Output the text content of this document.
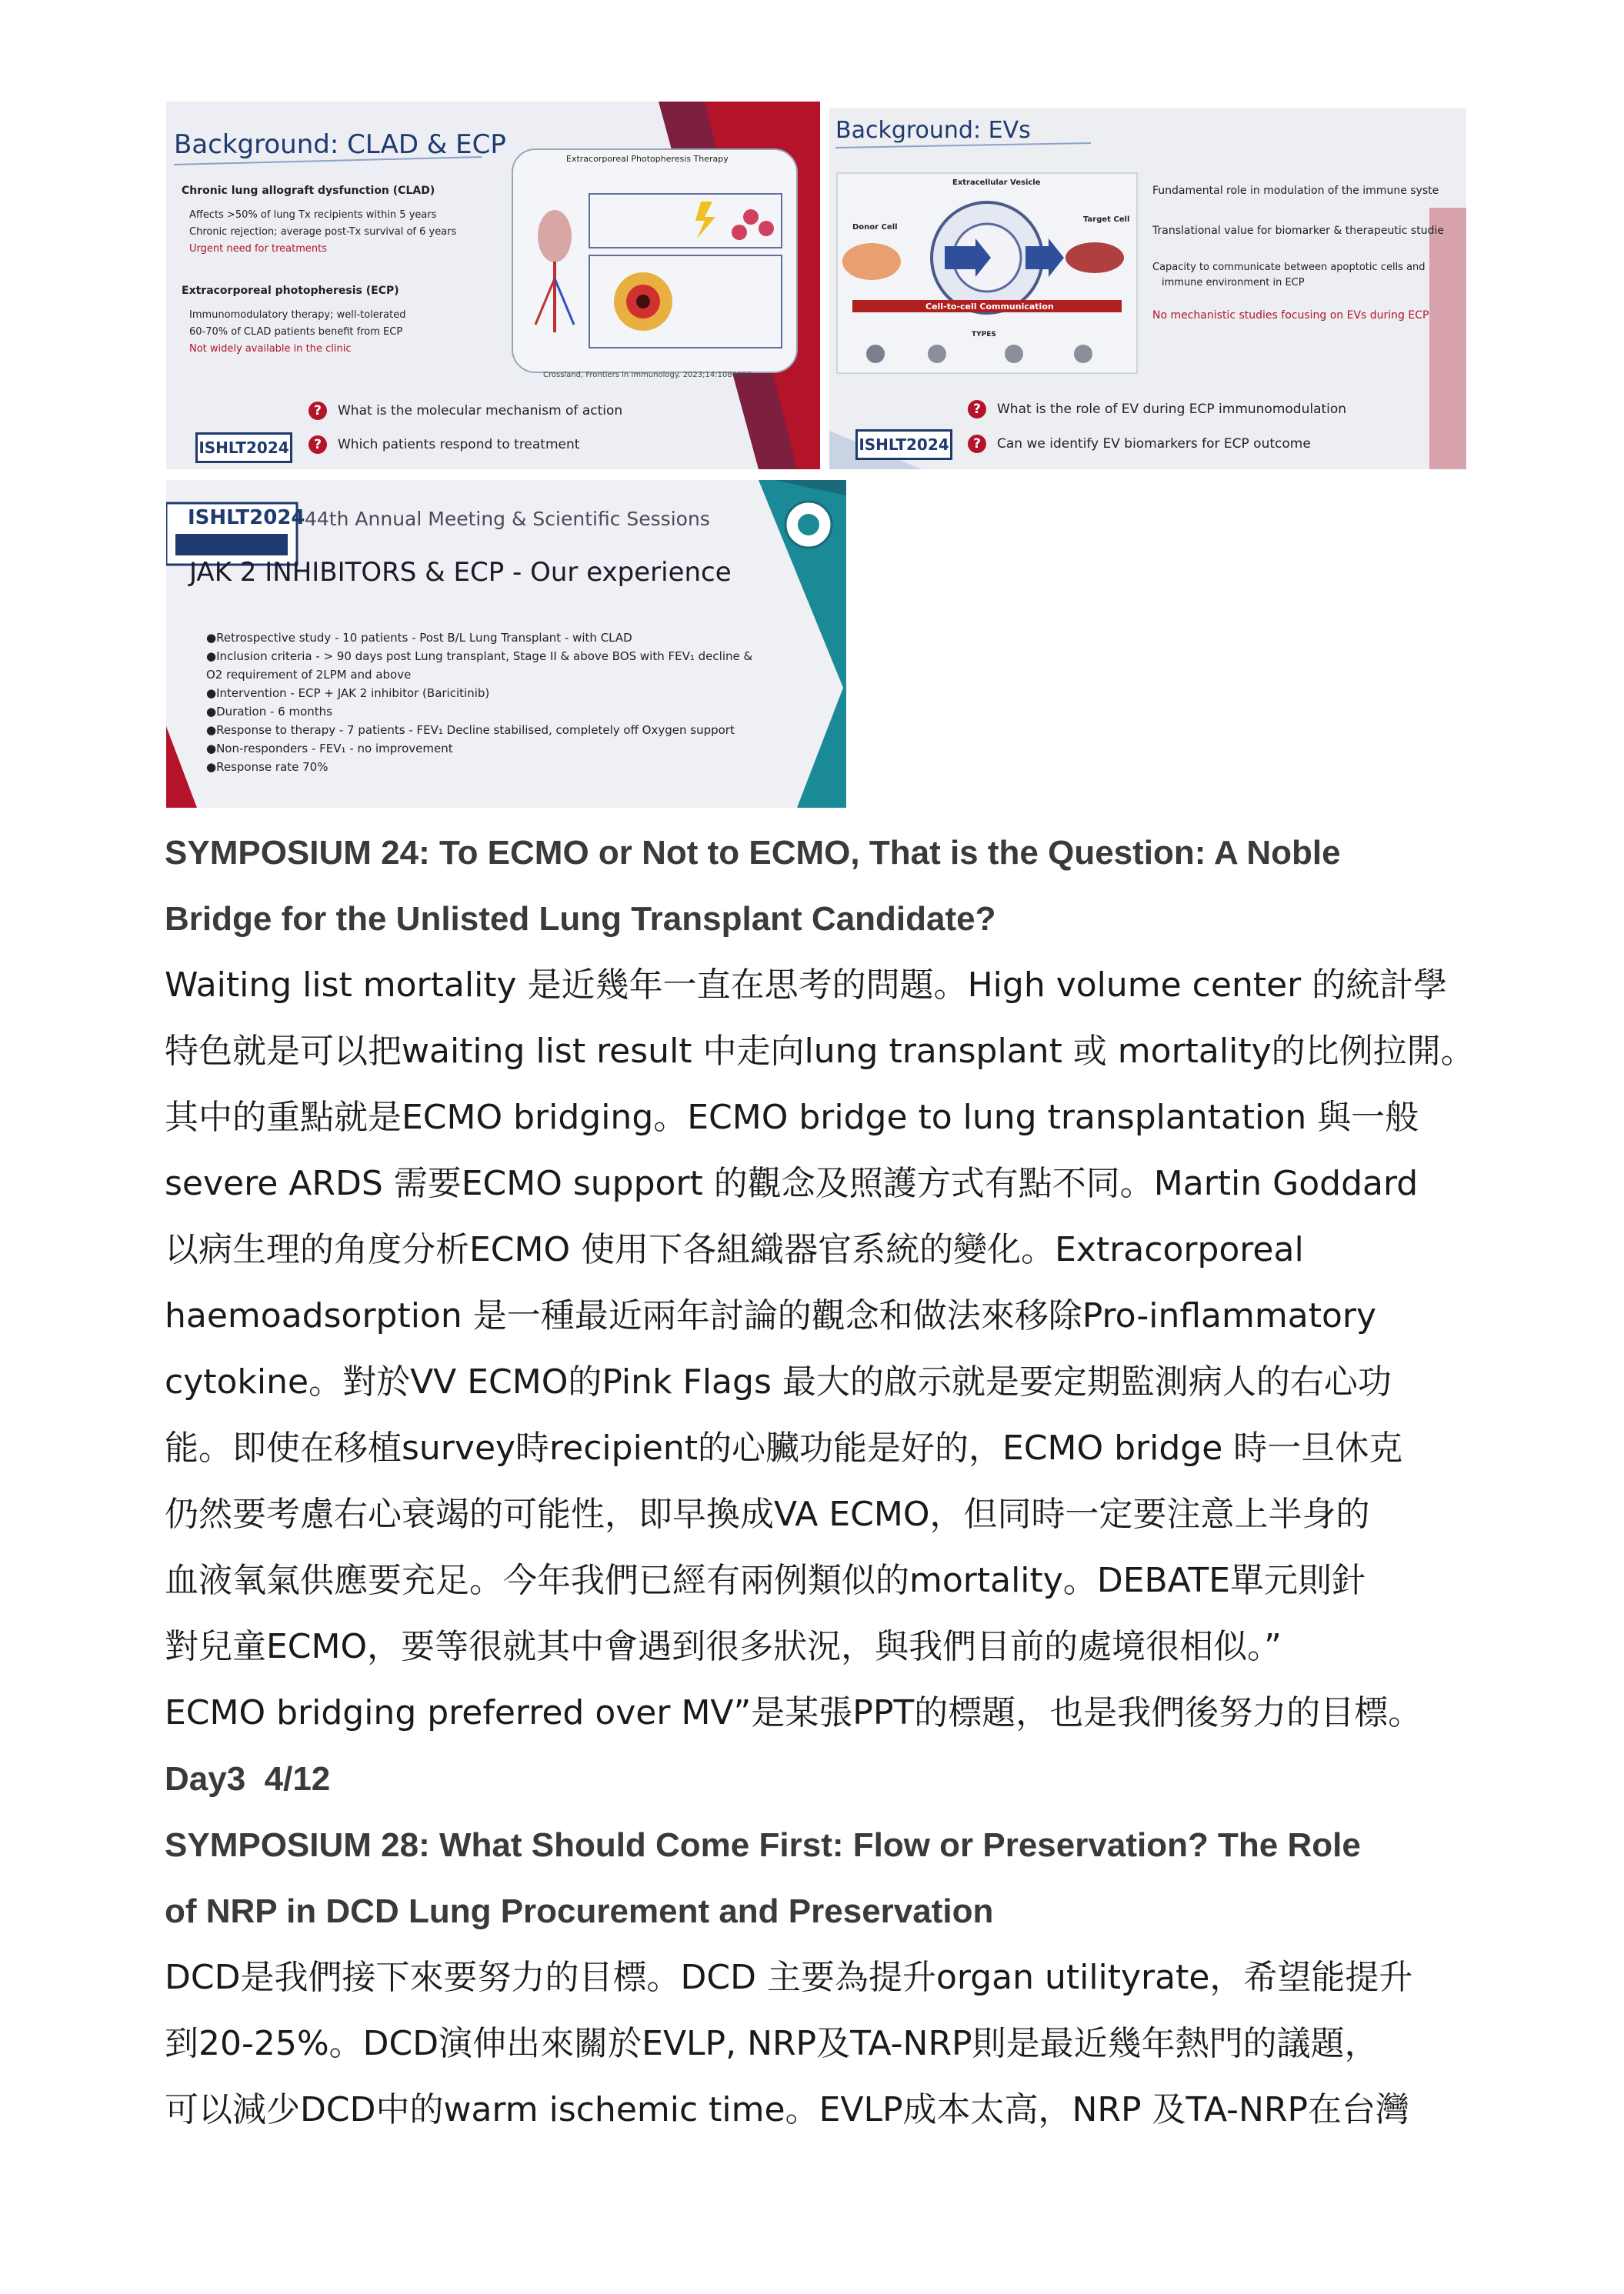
Background: CLAD & ECP	Extracorporeal Photopheresis Therapy
Chronic lung allograft dysfunction (CLAD)
Affects >50% of lung Tx recipients within 5 years
Chronic rejection; average post-Tx survival of 6 years
Urgent need for treatments
Extracorporeal photopheresis (ECP)
Immunomodulatory therapy; well-tolerated
60-70% of CLAD patients benefit from ECP
Not widely available in the clinic
Crossland, Frontiers in Immunology. 2023;14:1086006
? What is the molecular mechanism of action
? Which patients respond to treatment
ISHLT2024
Background: EVs
Extracellular Vesicle
Donor Cell
Target Cell
Cell-to-cell Communication
TYPES
Fundamental role in modulation of the immune syste
Translational value for biomarker & therapeutic studie
Capacity to communicate between apoptotic cells and
immune environment in ECP
No mechanistic studies focusing on EVs during ECP
? What is the role of EV during ECP immunomodulation
? Can we identify EV biomarkers for ECP outcome
ISHLT2024
ISHLT2024 44th Annual Meeting & Scientific Sessions
JAK 2 INHIBITORS & ECP - Our experience
●Retrospective study - 10 patients - Post B/L Lung Transplant - with CLAD
●Inclusion criteria - > 90 days post Lung transplant, Stage II & above BOS with FEV₁ decline &
O2 requirement of 2LPM and above
●Intervention - ECP + JAK 2 inhibitor (Baricitinib)
●Duration - 6 months
●Response to therapy - 7 patients - FEV₁ Decline stabilised, completely off Oxygen support
●Non-responders - FEV₁ - no improvement
●Response rate 70%
SYMPOSIUM 24: To ECMO or Not to ECMO, That is the Question: A Noble
Bridge for the Unlisted Lung Transplant Candidate?
Waiting list mortality 是近幾年一直在思考的問題。High volume center 的統計學
特色就是可以把waiting list result 中走向lung transplant 或 mortality的比例拉開。
其中的重點就是ECMO bridging。ECMO bridge to lung transplantation 與一般
severe ARDS 需要ECMO support 的觀念及照護方式有點不同。Martin Goddard
以病生理的角度分析ECMO 使用下各組織器官系統的變化。Extracorporeal
haemoadsorption 是一種最近兩年討論的觀念和做法來移除Pro-inflammatory
cytokine。對於VV ECMO的Pink Flags 最大的啟示就是要定期監測病人的右心功
能。即使在移植survey時recipient的心臟功能是好的，ECMO bridge 時一旦休克
仍然要考慮右心衰竭的可能性，即早換成VA ECMO，但同時一定要注意上半身的
血液氧氣供應要充足。今年我們已經有兩例類似的mortality。DEBATE單元則針
對兒童ECMO，要等很就其中會遇到很多狀況，與我們目前的處境很相似。”
ECMO bridging preferred over MV”是某張PPT的標題，也是我們後努力的目標。
Day3  4/12
SYMPOSIUM 28: What Should Come First: Flow or Preservation? The Role
of NRP in DCD Lung Procurement and Preservation
DCD是我們接下來要努力的目標。DCD 主要為提升organ utilityrate，希望能提升
到20-25%。DCD演伸出來關於EVLP, NRP及TA-NRP則是最近幾年熱門的議題，
可以減少DCD中的warm ischemic time。EVLP成本太高，NRP 及TA-NRP在台灣
